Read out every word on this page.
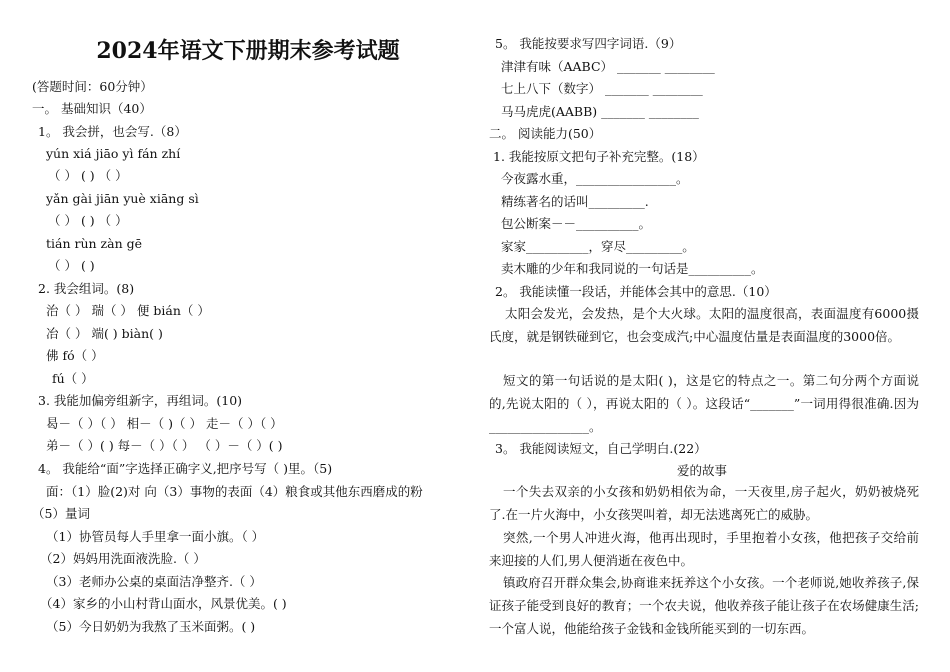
2024年语文下册期末参考试题
(答题时间：60分钟）
一。 基础知识（40）
1。 我会拼，也会写.（8）
yún xiá jiāo yì fán zhí
（ ） ( ) （ ）
yǎn gài jiān yuè xiāng sì
（ ） ( ) （ ）
tián rùn zàn gē
（ ） ( )
2. 我会组词。(8)
治（ ） 瑞（ ） 便 bián（ ）
冶（ ） 端( ) biàn( )
佛 fó（ ）
fú（ ）
3. 我能加偏旁组新字，再组词。(10)
曷－（ ）（ ） 相－（ )（ ） 走－（ ）（ ）
弟－（ ）( ) 每－（ ）（ ） （ ）－（ ）( )
4。 我能给“面”字选择正确字义,把序号写（ )里。（5)
面：（1）脸(2)对 向（3）事物的表面（4）粮食或其他东西磨成的粉
（5）量词
（1）协管员每人手里拿一面小旗。（ ）
（2）妈妈用洗面液洗脸.（ ）
（3）老师办公桌的桌面洁净整齐.（ ）
（4）家乡的小山村背山面水，风景优美。( )
（5）今日奶奶为我熬了玉米面粥。( )
5。 我能按要求写四字词语.（9）
津津有味（AABC） _______ ________
七上八下（数字） _______ ________
马马虎虎(AABB) _______ ________
二。 阅读能力(50）
1. 我能按原文把句子补充完整。(18）
今夜露水重，________________。
精练著名的话叫_________.
包公断案－－__________。
家家__________，穿尽_________。
卖木雕的少年和我同说的一句话是__________。
2。 我能读懂一段话，并能体会其中的意思.（10）
太阳会发光，会发热，是个大火球。太阳的温度很高，表面温度有6000摄氏度，就是钢铁碰到它，也会变成汽;中心温度估量是表面温度的3000倍。
短文的第一句话说的是太阳( )，这是它的特点之一。第二句分两个方面说的,先说太阳的（ ），再说太阳的（ ）。这段话“_______”一词用得很准确.因为________________。
3。 我能阅读短文，自己学明白.(22）
爱的故事
一个失去双亲的小女孩和奶奶相依为命，一天夜里,房子起火，奶奶被烧死了.在一片火海中，小女孩哭叫着，却无法逃离死亡的威胁。
突然,一个男人冲进火海，他再出现时，手里抱着小女孩，他把孩子交给前来迎接的人们,男人便消逝在夜色中。
镇政府召开群众集会,协商谁来抚养这个小女孩。一个老师说,她收养孩子,保证孩子能受到良好的教育；一个农夫说，他收养孩子能让孩子在农场健康生活;一个富人说，他能给孩子金钱和金钱所能买到的一切东西。
